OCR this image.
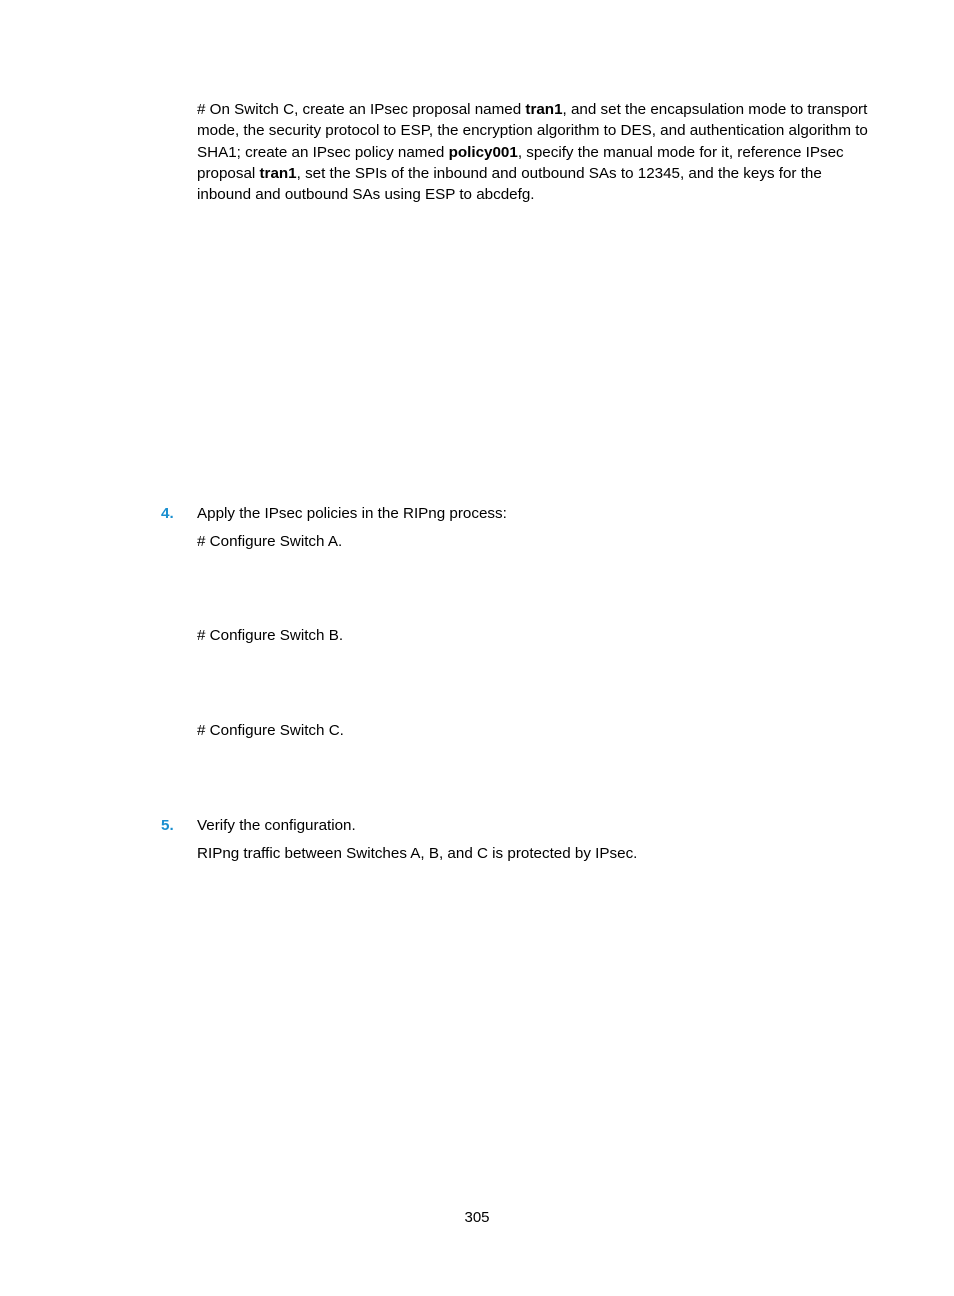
# On Switch C, create an IPsec proposal named tran1, and set the encapsulation mode to transport mode, the security protocol to ESP, the encryption algorithm to DES, and authentication algorithm to SHA1; create an IPsec policy named policy001, specify the manual mode for it, reference IPsec proposal tran1, set the SPIs of the inbound and outbound SAs to 12345, and the keys for the inbound and outbound SAs using ESP to abcdefg.

4. Apply the IPsec policies in the RIPng process:

# Configure Switch A.

# Configure Switch B.

# Configure Switch C.

5. Verify the configuration.

RIPng traffic between Switches A, B, and C is protected by IPsec.

305
